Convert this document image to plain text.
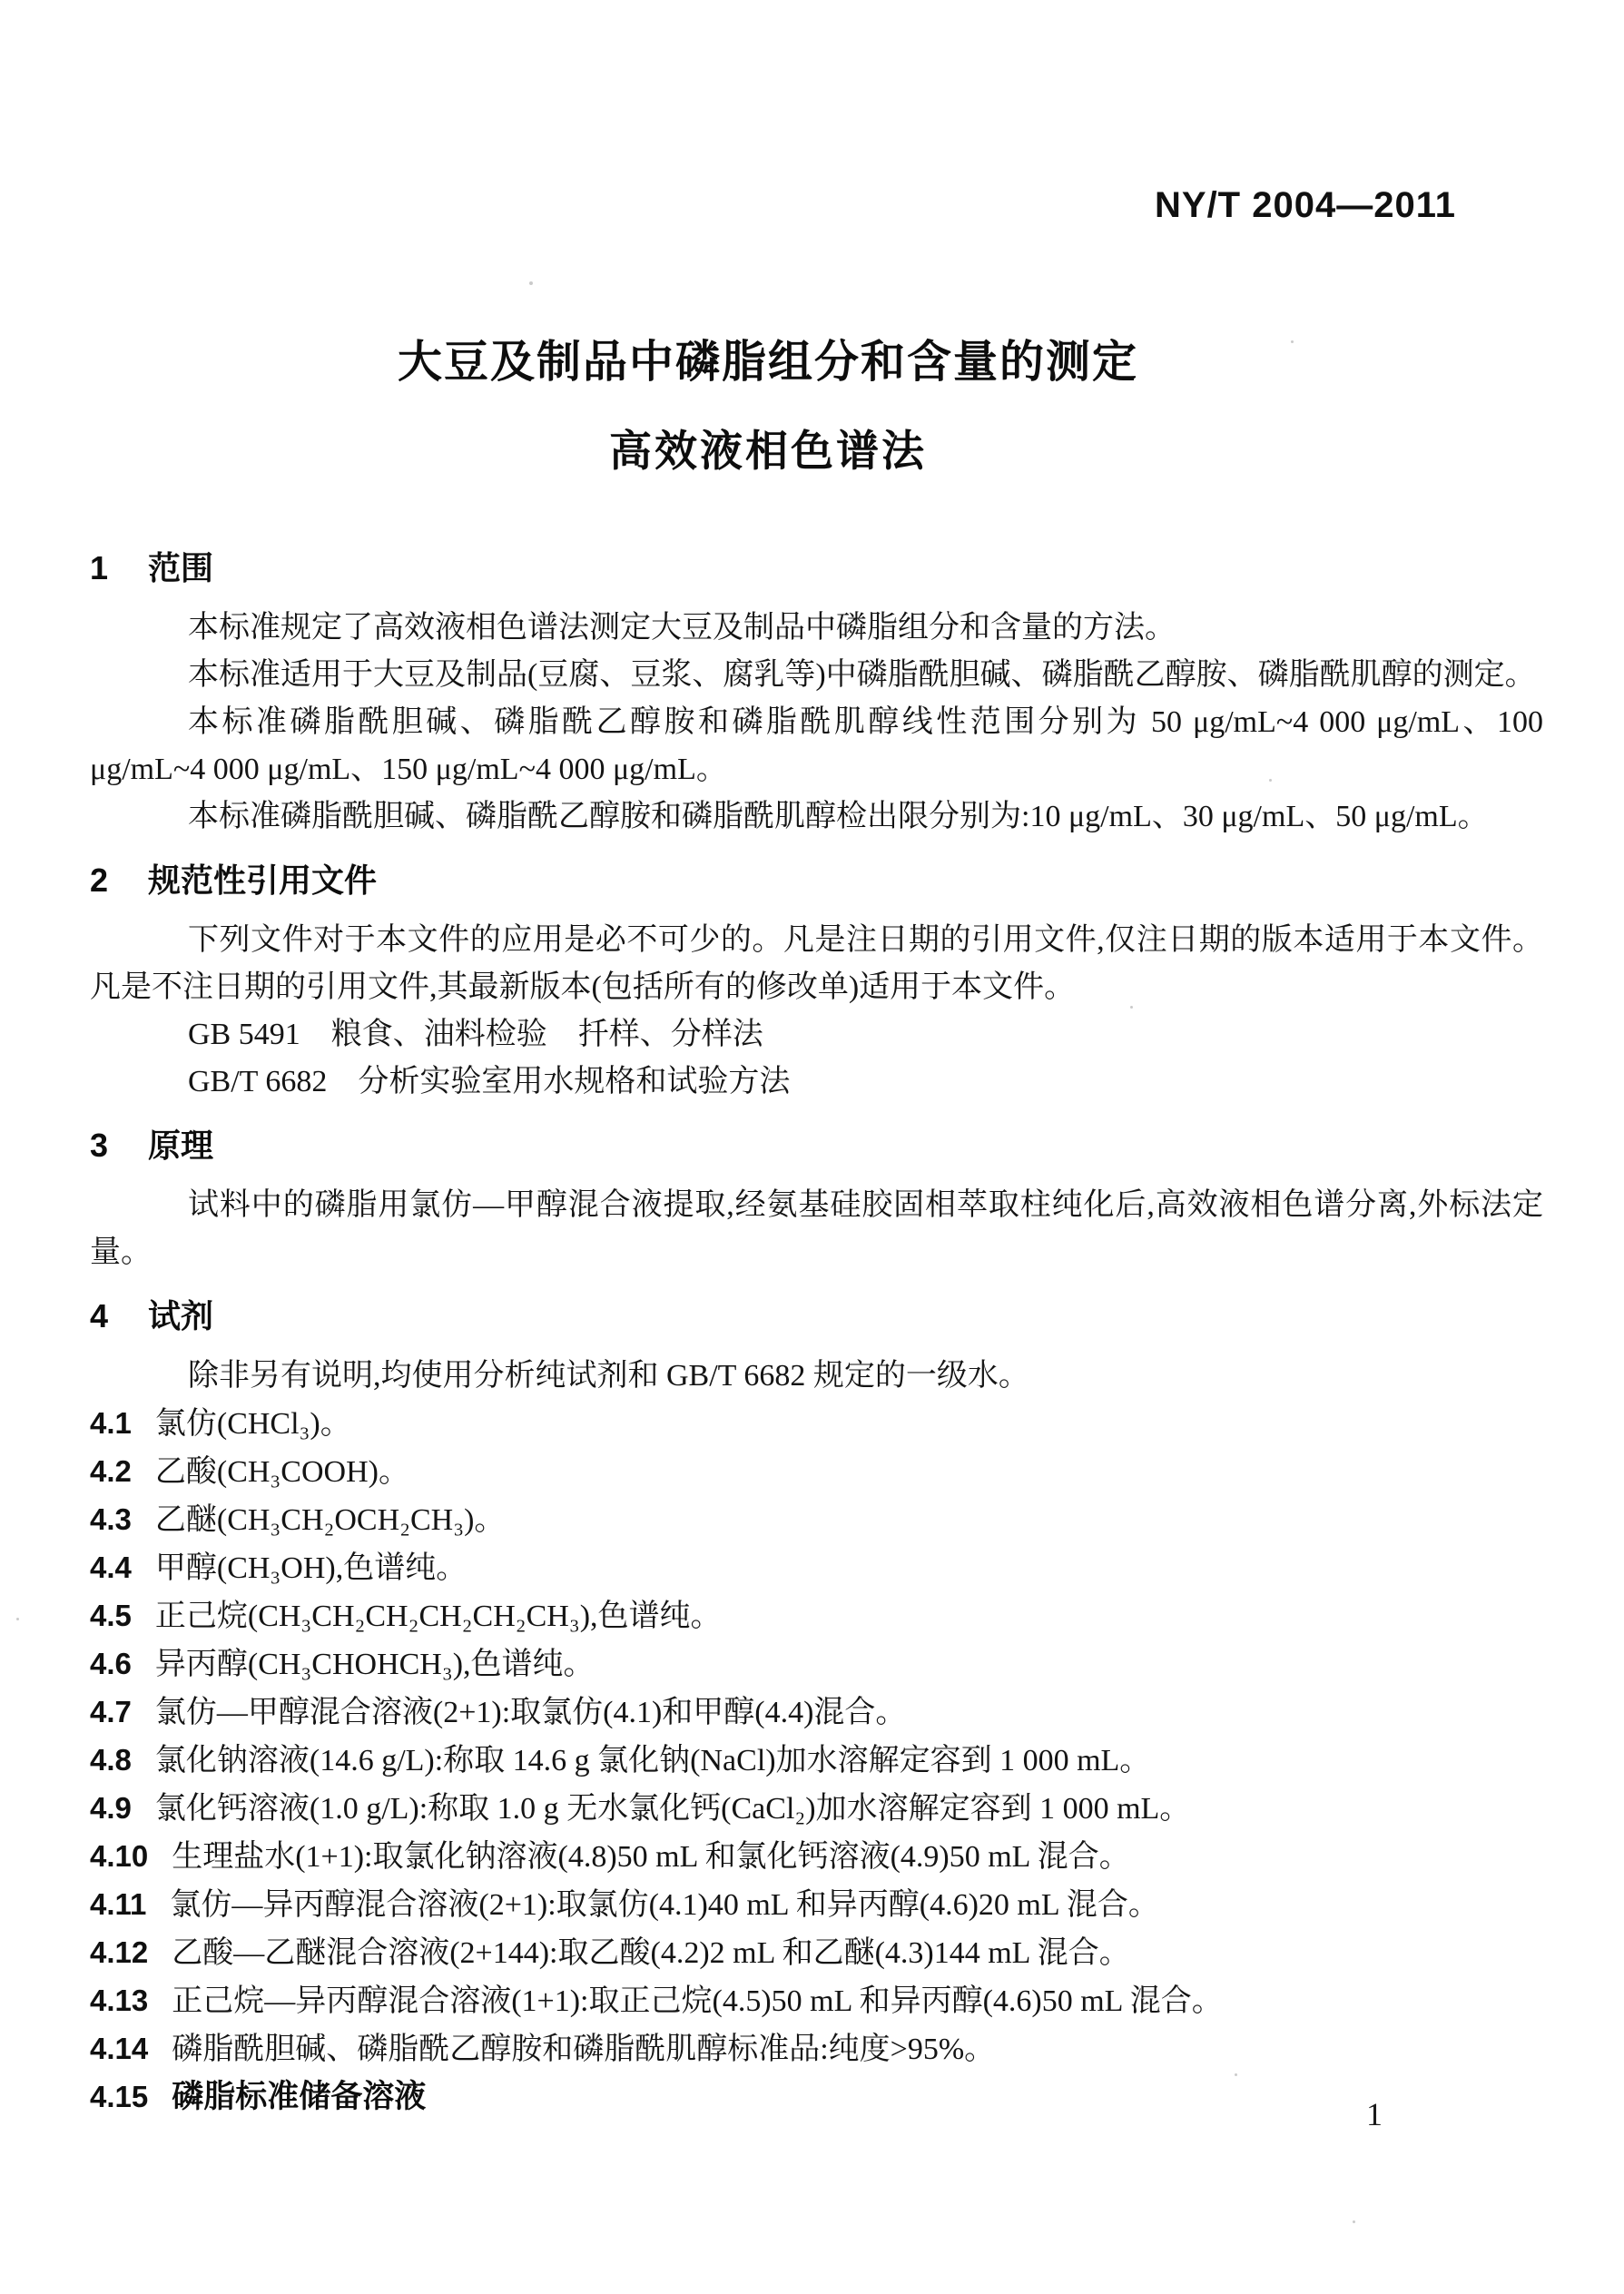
NY/T 2004—2011
大豆及制品中磷脂组分和含量的测定
高效液相色谱法
1 范围

本标准规定了高效液相色谱法测定大豆及制品中磷脂组分和含量的方法。

本标准适用于大豆及制品(豆腐、豆浆、腐乳等)中磷脂酰胆碱、磷脂酰乙醇胺、磷脂酰肌醇的测定。

本标准磷脂酰胆碱、磷脂酰乙醇胺和磷脂酰肌醇线性范围分别为 50 μg/mL~4 000 μg/mL、100 μg/mL~4 000 μg/mL、150 μg/mL~4 000 μg/mL。

本标准磷脂酰胆碱、磷脂酰乙醇胺和磷脂酰肌醇检出限分别为:10 μg/mL、30 μg/mL、50 μg/mL。

2 规范性引用文件

下列文件对于本文件的应用是必不可少的。凡是注日期的引用文件,仅注日期的版本适用于本文件。凡是不注日期的引用文件,其最新版本(包括所有的修改单)适用于本文件。

GB 5491　粮食、油料检验　扦样、分样法
GB/T 6682　分析实验室用水规格和试验方法
3 原理

试料中的磷脂用氯仿—甲醇混合液提取,经氨基硅胶固相萃取柱纯化后,高效液相色谱分离,外标法定量。

4 试剂

除非另有说明,均使用分析纯试剂和 GB/T 6682 规定的一级水。

4.1 氯仿(CHCl₃)。
4.2 乙酸(CH₃COOH)。
4.3 乙醚(CH₃CH₂OCH₂CH₃)。
4.4 甲醇(CH₃OH),色谱纯。
4.5 正己烷(CH₃CH₂CH₂CH₂CH₂CH₃),色谱纯。
4.6 异丙醇(CH₃CHOHCH₃),色谱纯。
4.7 氯仿—甲醇混合溶液(2+1):取氯仿(4.1)和甲醇(4.4)混合。
4.8 氯化钠溶液(14.6 g/L):称取 14.6 g 氯化钠(NaCl)加水溶解定容到 1 000 mL。
4.9 氯化钙溶液(1.0 g/L):称取 1.0 g 无水氯化钙(CaCl₂)加水溶解定容到 1 000 mL。
4.10 生理盐水(1+1):取氯化钠溶液(4.8)50 mL 和氯化钙溶液(4.9)50 mL 混合。
4.11 氯仿—异丙醇混合溶液(2+1):取氯仿(4.1)40 mL 和异丙醇(4.6)20 mL 混合。
4.12 乙酸—乙醚混合溶液(2+144):取乙酸(4.2)2 mL 和乙醚(4.3)144 mL 混合。
4.13 正己烷—异丙醇混合溶液(1+1):取正己烷(4.5)50 mL 和异丙醇(4.6)50 mL 混合。
4.14 磷脂酰胆碱、磷脂酰乙醇胺和磷脂酰肌醇标准品:纯度>95%。
4.15 磷脂标准储备溶液	1
